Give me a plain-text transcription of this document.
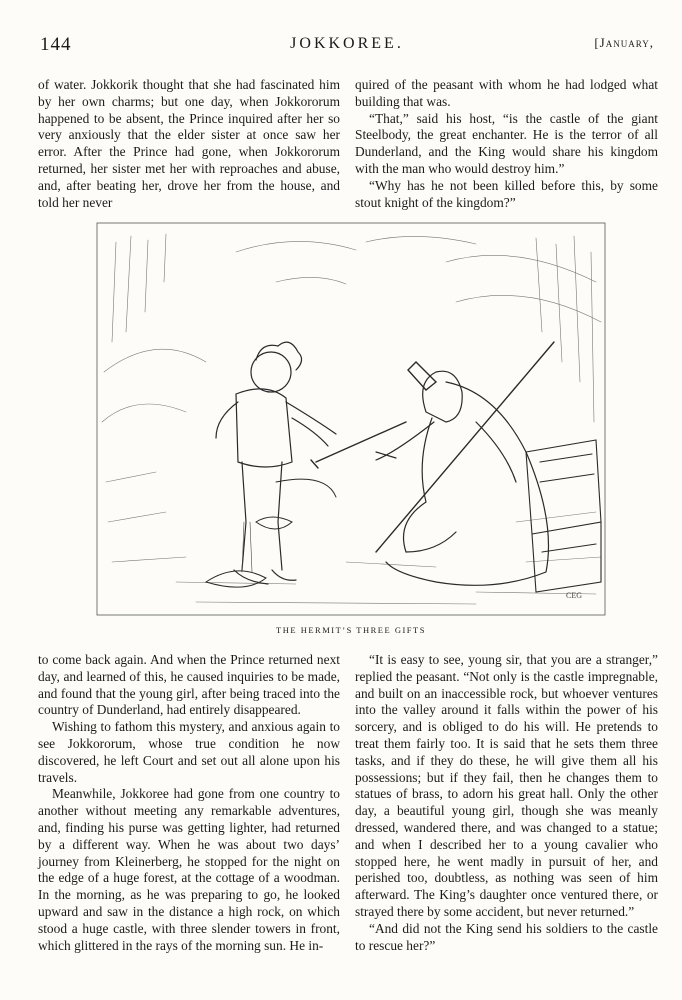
144	JOKKOREE.	[January,

of water. Jokkorik thought that she had fascinated him by her own charms; but one day, when Jokkororum happened to be absent, the Prince inquired after her so very anxiously that the elder sister at once saw her error. After the Prince had gone, when Jokkororum returned, her sister met her with reproaches and abuse, and, after beating her, drove her from the house, and told her never

quired of the peasant with whom he had lodged what building that was.

“That,” said his host, “is the castle of the giant Steelbody, the great enchanter. He is the terror of all Dunderland, and the King would share his kingdom with the man who would destroy him.”

“Why has he not been killed before this, by some stout knight of the kingdom?”

CEG
THE HERMIT’S THREE GIFTS

to come back again. And when the Prince returned next day, and learned of this, he caused inquiries to be made, and found that the young girl, after being traced into the country of Dunderland, had entirely disappeared.

Wishing to fathom this mystery, and anxious again to see Jokkororum, whose true condition he now discovered, he left Court and set out all alone upon his travels.

Meanwhile, Jokkoree had gone from one country to another without meeting any remarkable adventures, and, finding his purse was getting lighter, had returned by a different way. When he was about two days’ journey from Kleinerberg, he stopped for the night on the edge of a huge forest, at the cottage of a woodman. In the morning, as he was preparing to go, he looked upward and saw in the distance a high rock, on which stood a huge castle, with three slender towers in front, which glittered in the rays of the morning sun. He in-

“It is easy to see, young sir, that you are a stranger,” replied the peasant. “Not only is the castle impregnable, and built on an inaccessible rock, but whoever ventures into the valley around it falls within the power of his sorcery, and is obliged to do his will. He pretends to treat them fairly too. It is said that he sets them three tasks, and if they do these, he will give them all his possessions; but if they fail, then he changes them to statues of brass, to adorn his great hall. Only the other day, a beautiful young girl, though she was meanly dressed, wandered there, and was changed to a statue; and when I described her to a young cavalier who stopped here, he went madly in pursuit of her, and perished too, doubtless, as nothing was seen of him afterward. The King’s daughter once ventured there, or strayed there by some accident, but never returned.”

“And did not the King send his soldiers to the castle to rescue her?”
